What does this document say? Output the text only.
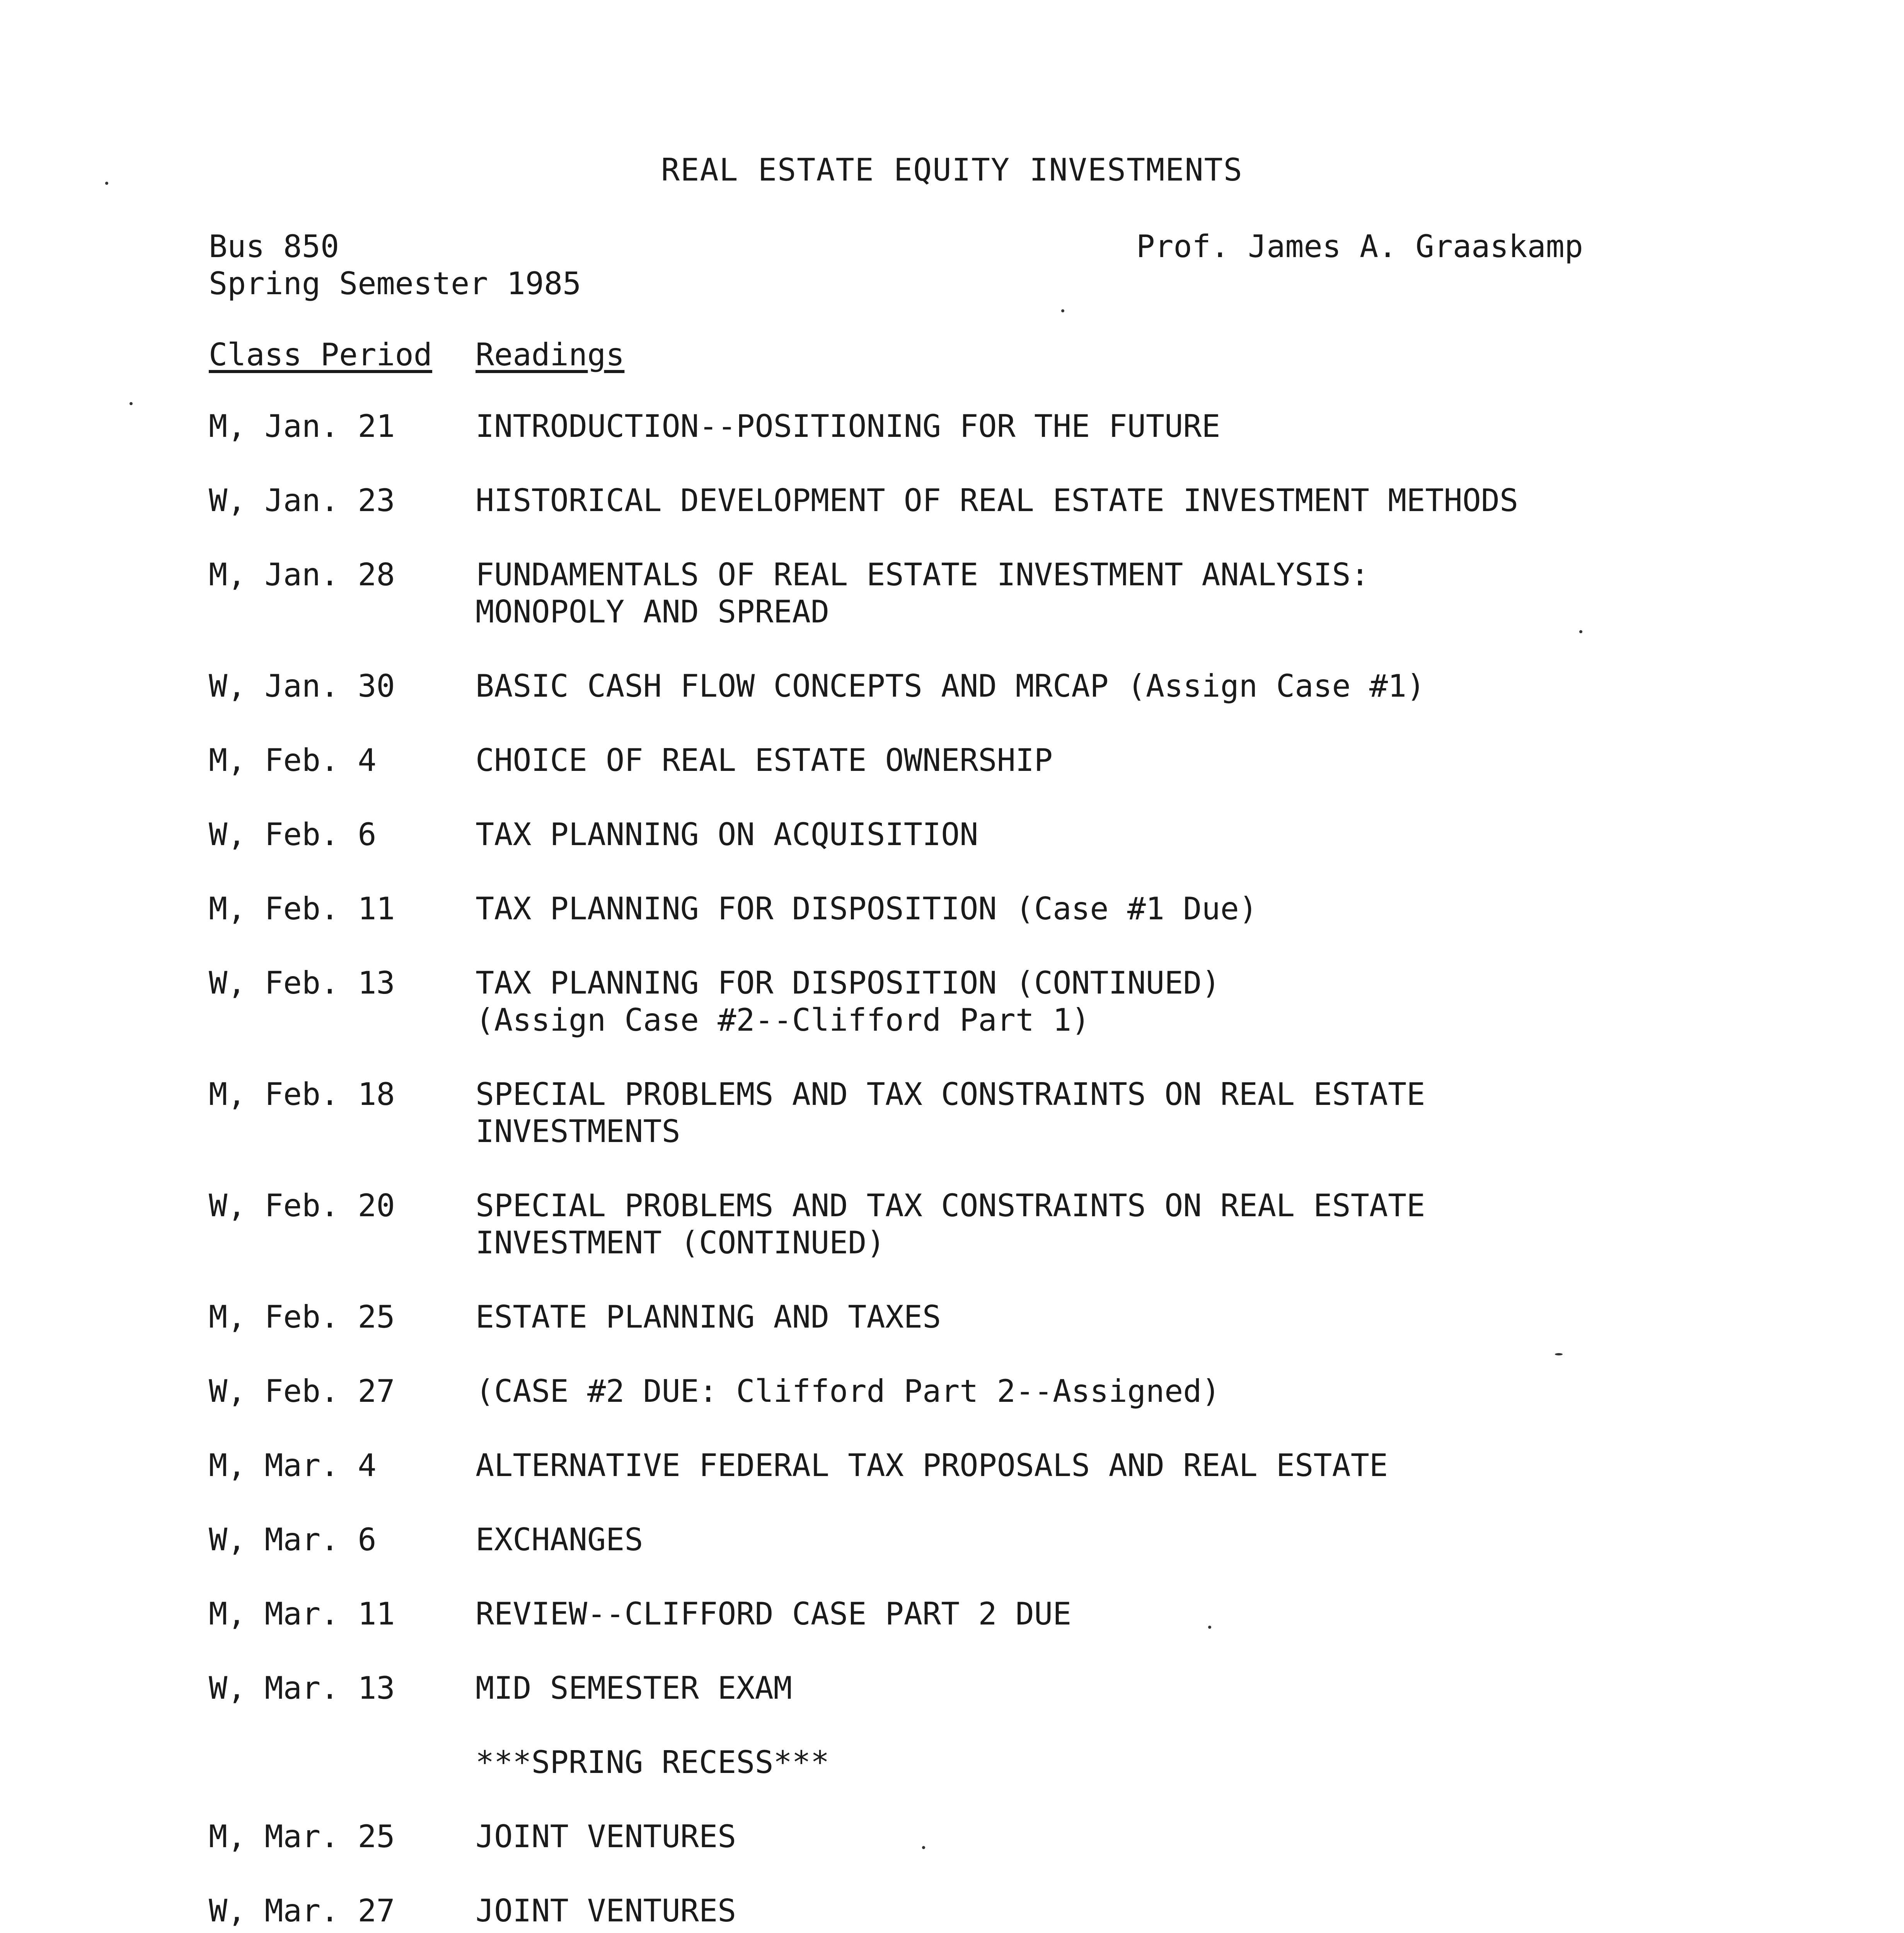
REAL ESTATE EQUITY INVESTMENTS
Bus 850
Spring Semester 1985
Prof. James A. Graaskamp
Class Period Readings
M, Jan. 21	INTRODUCTION--POSITIONING FOR THE FUTURE
W, Jan. 23	HISTORICAL DEVELOPMENT OF REAL ESTATE INVESTMENT METHODS
M, Jan. 28	FUNDAMENTALS OF REAL ESTATE INVESTMENT ANALYSIS:
MONOPOLY AND SPREAD
W, Jan. 30	BASIC CASH FLOW CONCEPTS AND MRCAP (Assign Case #1)
M, Feb. 4	CHOICE OF REAL ESTATE OWNERSHIP
W, Feb. 6	TAX PLANNING ON ACQUISITION
M, Feb. 11	TAX PLANNING FOR DISPOSITION (Case #1 Due)
W, Feb. 13	TAX PLANNING FOR DISPOSITION (CONTINUED)
(Assign Case #2--Clifford Part 1)
M, Feb. 18	SPECIAL PROBLEMS AND TAX CONSTRAINTS ON REAL ESTATE
INVESTMENTS
W, Feb. 20	SPECIAL PROBLEMS AND TAX CONSTRAINTS ON REAL ESTATE
INVESTMENT (CONTINUED)
M, Feb. 25	ESTATE PLANNING AND TAXES
W, Feb. 27	(CASE #2 DUE: Clifford Part 2--Assigned)
M, Mar. 4	ALTERNATIVE FEDERAL TAX PROPOSALS AND REAL ESTATE
W, Mar. 6	EXCHANGES
M, Mar. 11	REVIEW--CLIFFORD CASE PART 2 DUE
W, Mar. 13	MID SEMESTER EXAM
***SPRING RECESS***
M, Mar. 25	JOINT VENTURES
W, Mar. 27	JOINT VENTURES
